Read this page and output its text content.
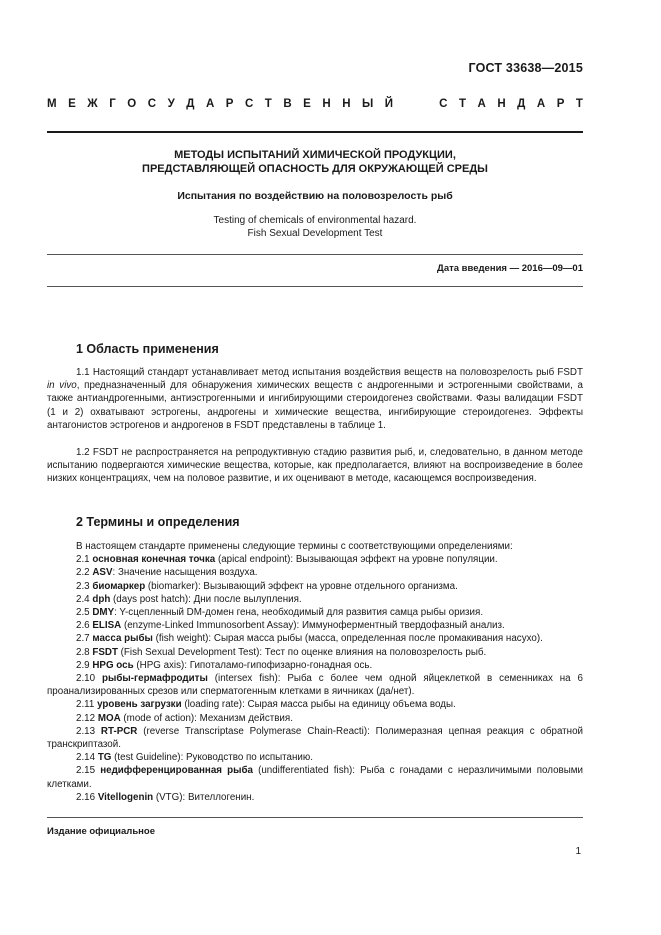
ГОСТ 33638—2015
М Е Ж Г О С У Д А Р С Т В Е Н Н Ы Й	С Т А Н Д А Р Т
МЕТОДЫ ИСПЫТАНИЙ ХИМИЧЕСКОЙ ПРОДУКЦИИ,
ПРЕДСТАВЛЯЮЩЕЙ ОПАСНОСТЬ ДЛЯ ОКРУЖАЮЩЕЙ СРЕДЫ
Испытания по воздействию на половозрелость рыб
Testing of chemicals of environmental hazard.
Fish Sexual Development Test
Дата введения — 2016—09—01
1 Область применения
1.1 Настоящий стандарт устанавливает метод испытания воздействия веществ на половозрелость рыб FSDT in vivo, предназначенный для обнаружения химических веществ с андрогенными и эстрогенными свойствами, а также антиандрогенными, антиэстрогенными и ингибирующими стероидогенез свойствами. Фазы валидации FSDT (1 и 2) охватывают эстрогены, андрогены и химические вещества, ингибирующие стероидогенез. Эффекты антагонистов эстрогенов и андрогенов в FSDT представлены в таблице 1.
1.2 FSDT не распространяется на репродуктивную стадию развития рыб, и, следовательно, в данном методе испытанию подвергаются химические вещества, которые, как предполагается, влияют на воспроизведение в более низких концентрациях, чем на половое развитие, и их оценивают в методе, касающемся воспроизведения.
2 Термины и определения
В настоящем стандарте применены следующие термины с соответствующими определениями:
2.1 основная конечная точка (apical endpoint): Вызывающая эффект на уровне популяции.
2.2 ASV: Значение насыщения воздуха.
2.3 биомаркер (biomarker): Вызывающий эффект на уровне отдельного организма.
2.4 dph (days post hatch): Дни после вылупления.
2.5 DMY: Y-сцепленный DM-домен гена, необходимый для развития самца рыбы оризия.
2.6 ELISA (enzyme-Linked Immunosorbent Assay): Иммуноферментный твердофазный анализ.
2.7 масса рыбы (fish weight): Сырая масса рыбы (масса, определенная после промакивания насухо).
2.8 FSDT (Fish Sexual Development Test): Тест по оценке влияния на половозрелость рыб.
2.9 HPG ось (HPG axis): Гипоталамо-гипофизарно-гонадная ось.
2.10 рыбы-гермафродиты (intersex fish): Рыба с более чем одной яйцеклеткой в семенниках на 6 проанализированных срезов или сперматогенным клетками в яичниках (да/нет).
2.11 уровень загрузки (loading rate): Сырая масса рыбы на единицу объема воды.
2.12 MOA (mode of action): Механизм действия.
2.13 RT-PCR (reverse Transcriptase Polymerase Chain-Reacti): Полимеразная цепная реакция с обратной транскриптазой.
2.14 TG (test Guideline): Руководство по испытанию.
2.15 недифференцированная рыба (undifferentiated fish): Рыба с гонадами с неразличимыми половыми клетками.
2.16 Vitellogenin (VTG): Вителлогенин.
Издание официальное
1
